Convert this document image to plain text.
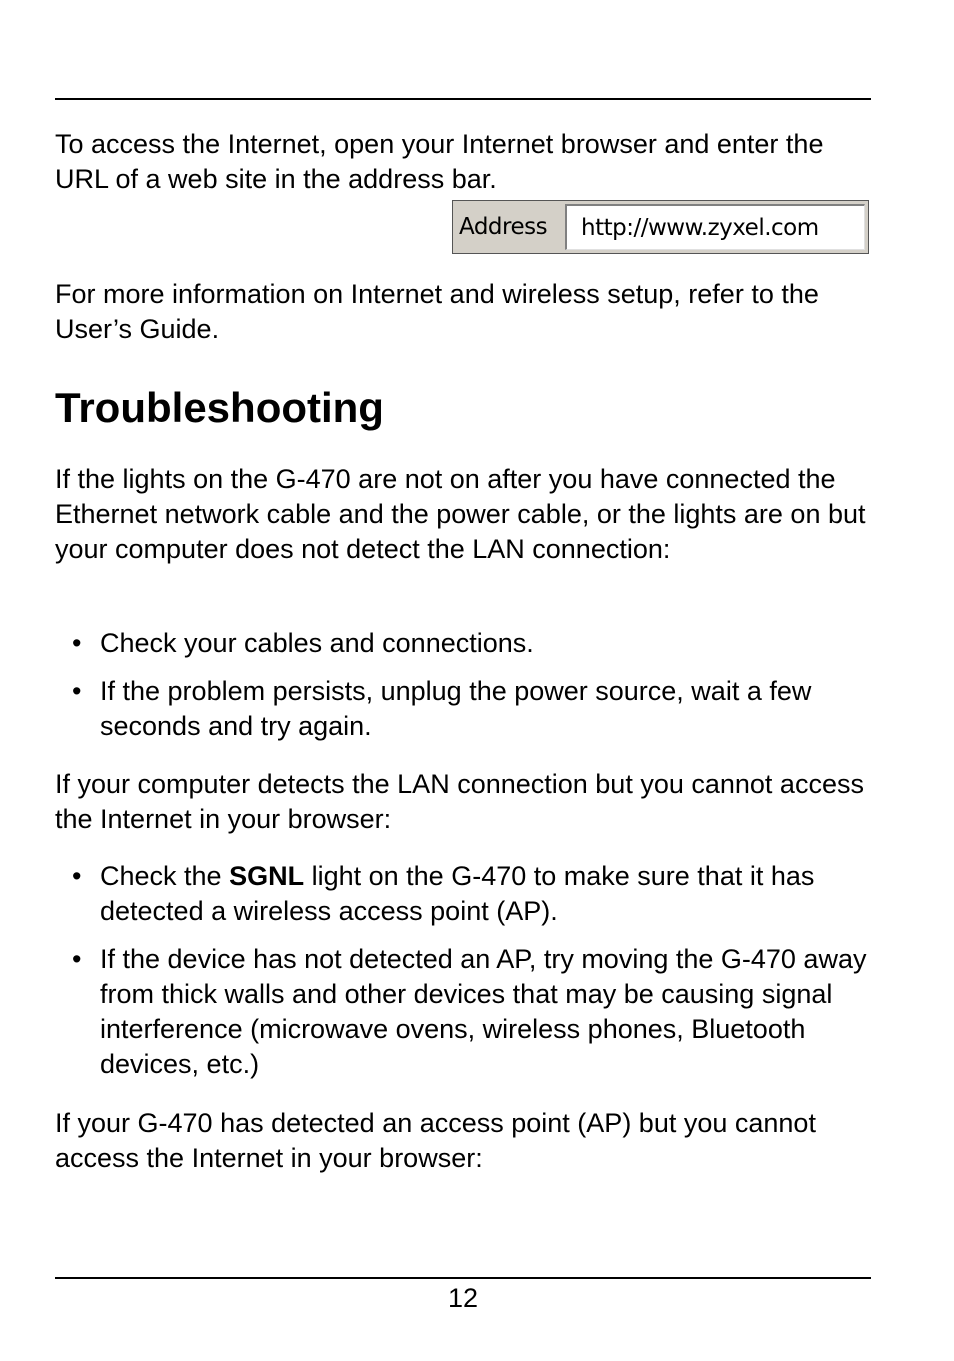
To access the Internet, open your Internet browser and enter the URL of a web site in the address bar.

Address	http://www.zyxel.com

For more information on Internet and wireless setup, refer to the User’s Guide.

Troubleshooting

If the lights on the G-470 are not on after you have connected the Ethernet network cable and the power cable, or the lights are on but your computer does not detect the LAN connection:

• Check your cables and connections.
• If the problem persists, unplug the power source, wait a few seconds and try again.

If your computer detects the LAN connection but you cannot access the Internet in your browser:

• Check the SGNL light on the G-470 to make sure that it has detected a wireless access point (AP).
• If the device has not detected an AP, try moving the G-470 away from thick walls and other devices that may be causing signal interference (microwave ovens, wireless phones, Bluetooth devices, etc.)

If your G-470 has detected an access point (AP) but you cannot access the Internet in your browser:

12
